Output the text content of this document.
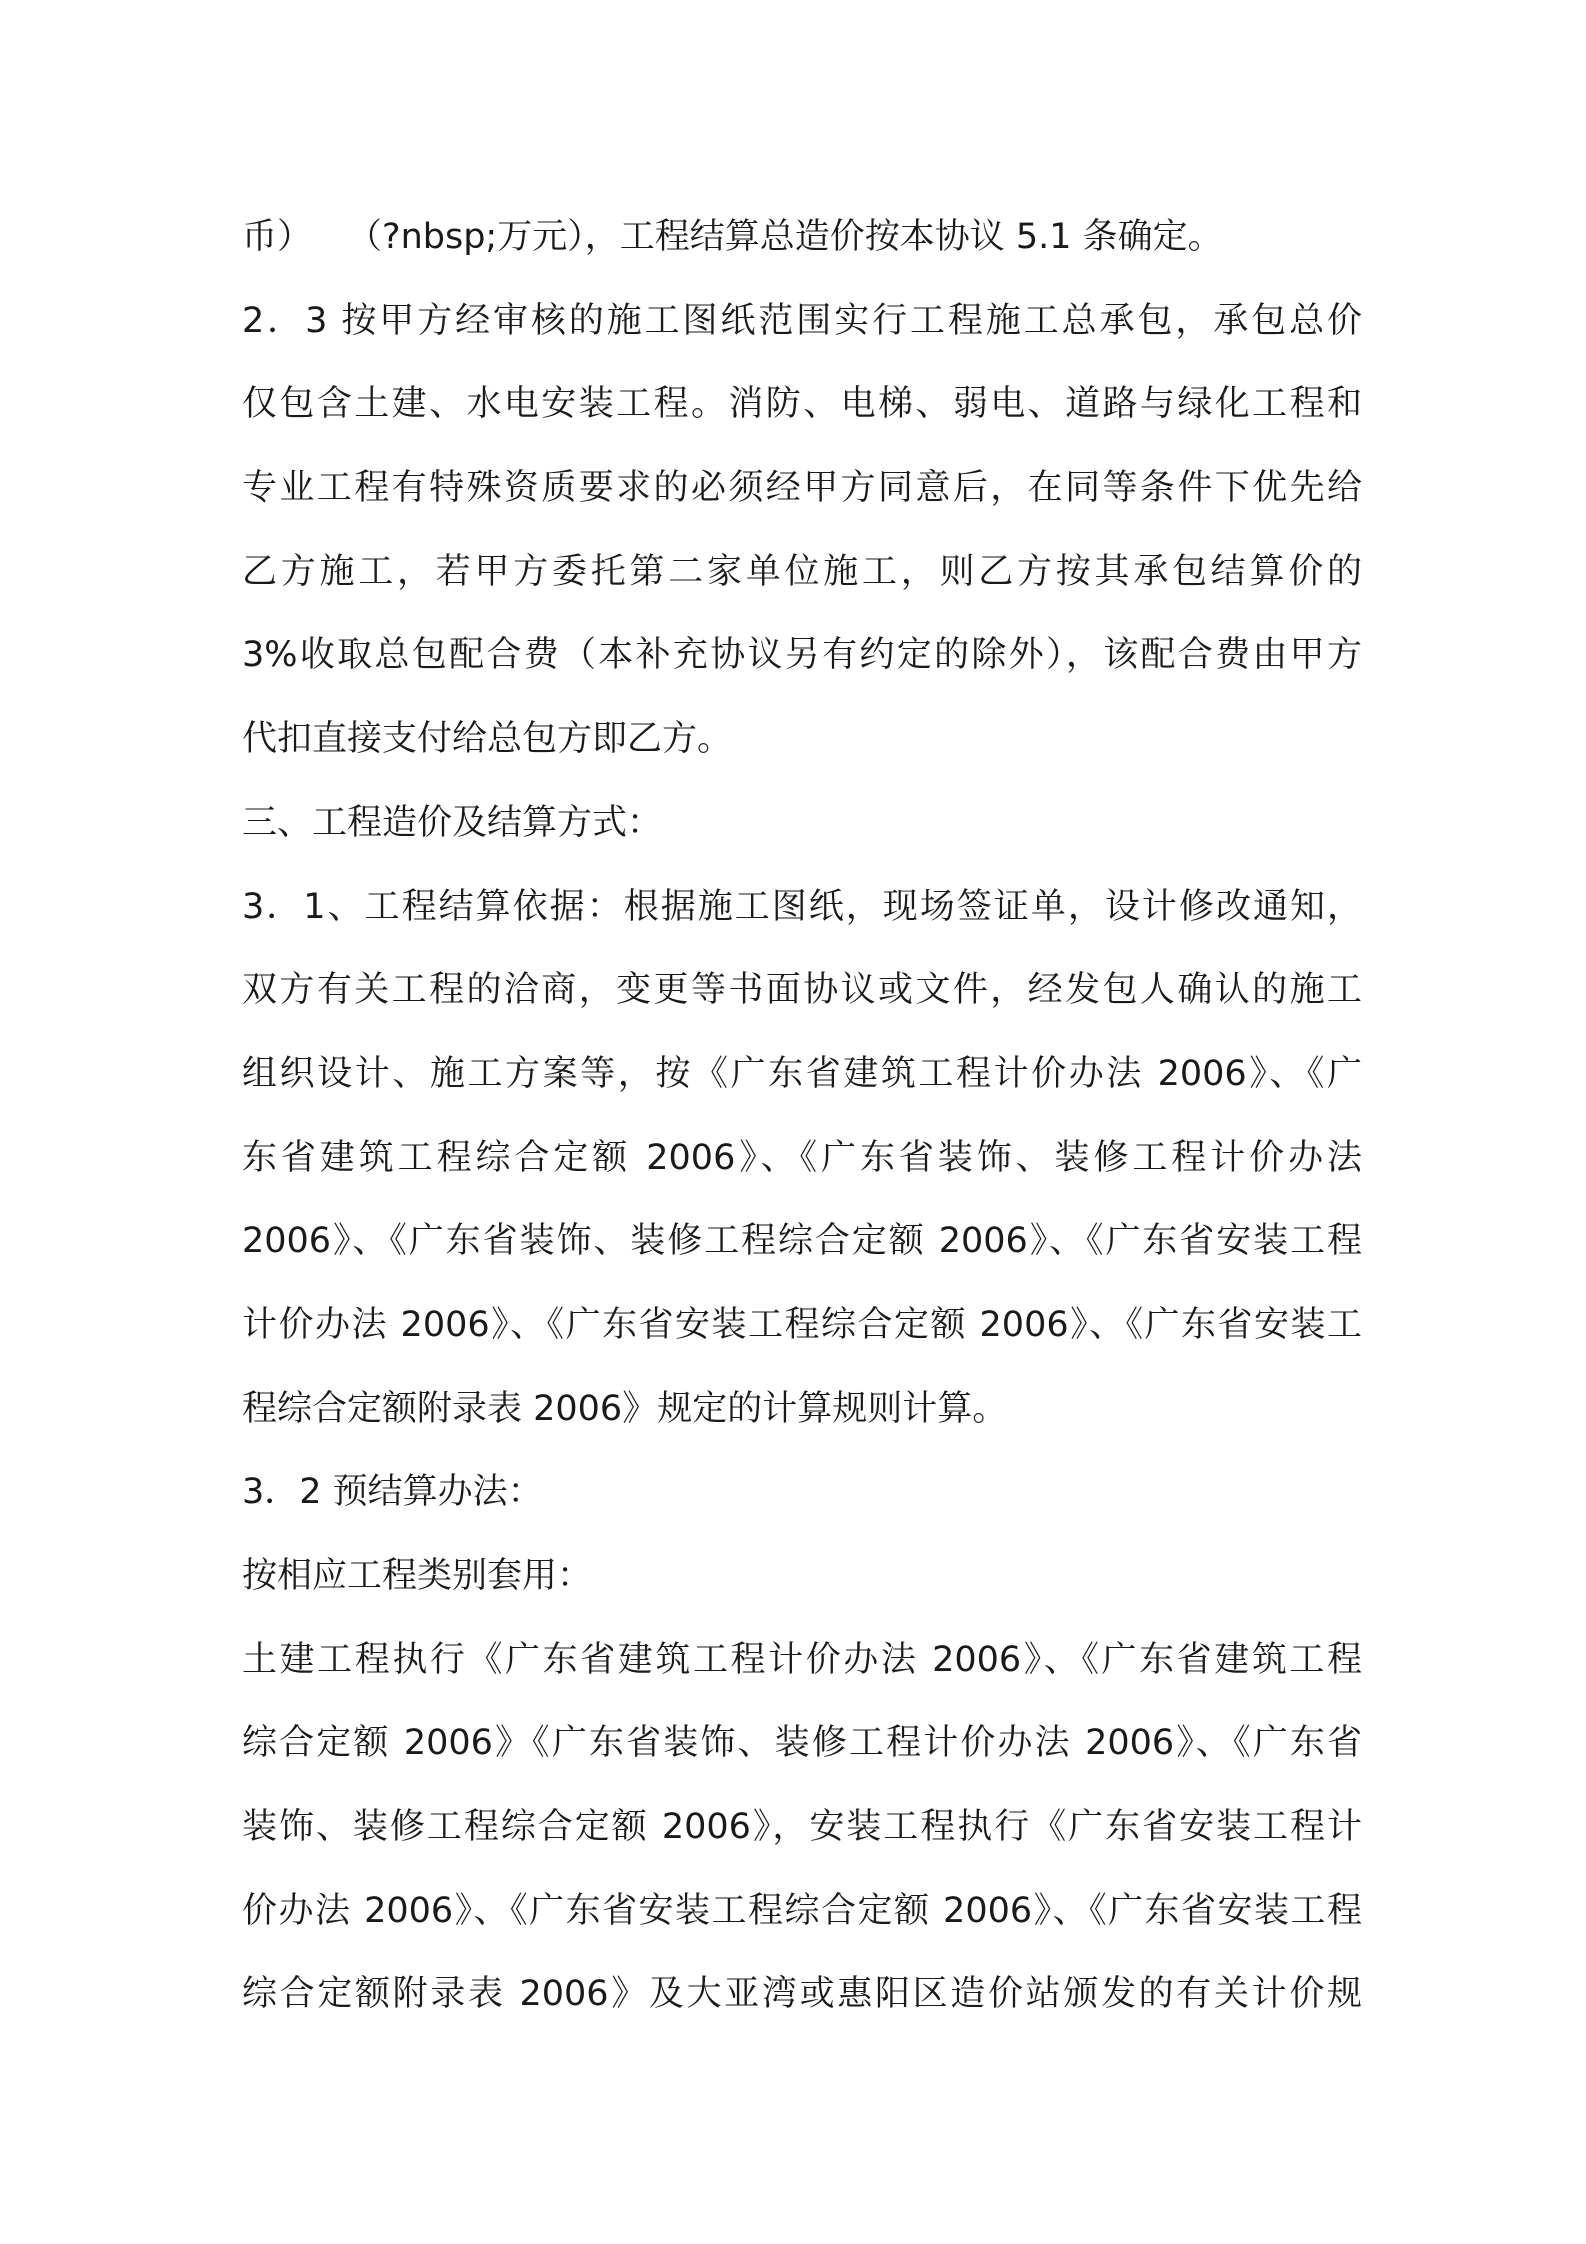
币）　　（?nbsp;万元），工程结算总造价按本协议 5.1 条确定。
2．3 按甲方经审核的施工图纸范围实行工程施工总承包，承包总价
仅包含土建、水电安装工程。消防、电梯、弱电、道路与绿化工程和
专业工程有特殊资质要求的必须经甲方同意后，在同等条件下优先给
乙方施工，若甲方委托第二家单位施工，则乙方按其承包结算价的
3%收取总包配合费（本补充协议另有约定的除外），该配合费由甲方
代扣直接支付给总包方即乙方。
三、工程造价及结算方式：
3．1、工程结算依据：根据施工图纸，现场签证单，设计修改通知，
双方有关工程的洽商，变更等书面协议或文件，经发包人确认的施工
组织设计、施工方案等，按《广东省建筑工程计价办法 2006》、《广
东省建筑工程综合定额 2006》、《广东省装饰、装修工程计价办法
2006》、《广东省装饰、装修工程综合定额 2006》、《广东省安装工程
计价办法 2006》、《广东省安装工程综合定额 2006》、《广东省安装工
程综合定额附录表 2006》规定的计算规则计算。
3．2 预结算办法：
按相应工程类别套用：
土建工程执行《广东省建筑工程计价办法 2006》、《广东省建筑工程
综合定额 2006》《广东省装饰、装修工程计价办法 2006》、《广东省
装饰、装修工程综合定额 2006》，安装工程执行《广东省安装工程计
价办法 2006》、《广东省安装工程综合定额 2006》、《广东省安装工程
综合定额附录表 2006》及大亚湾或惠阳区造价站颁发的有关计价规
